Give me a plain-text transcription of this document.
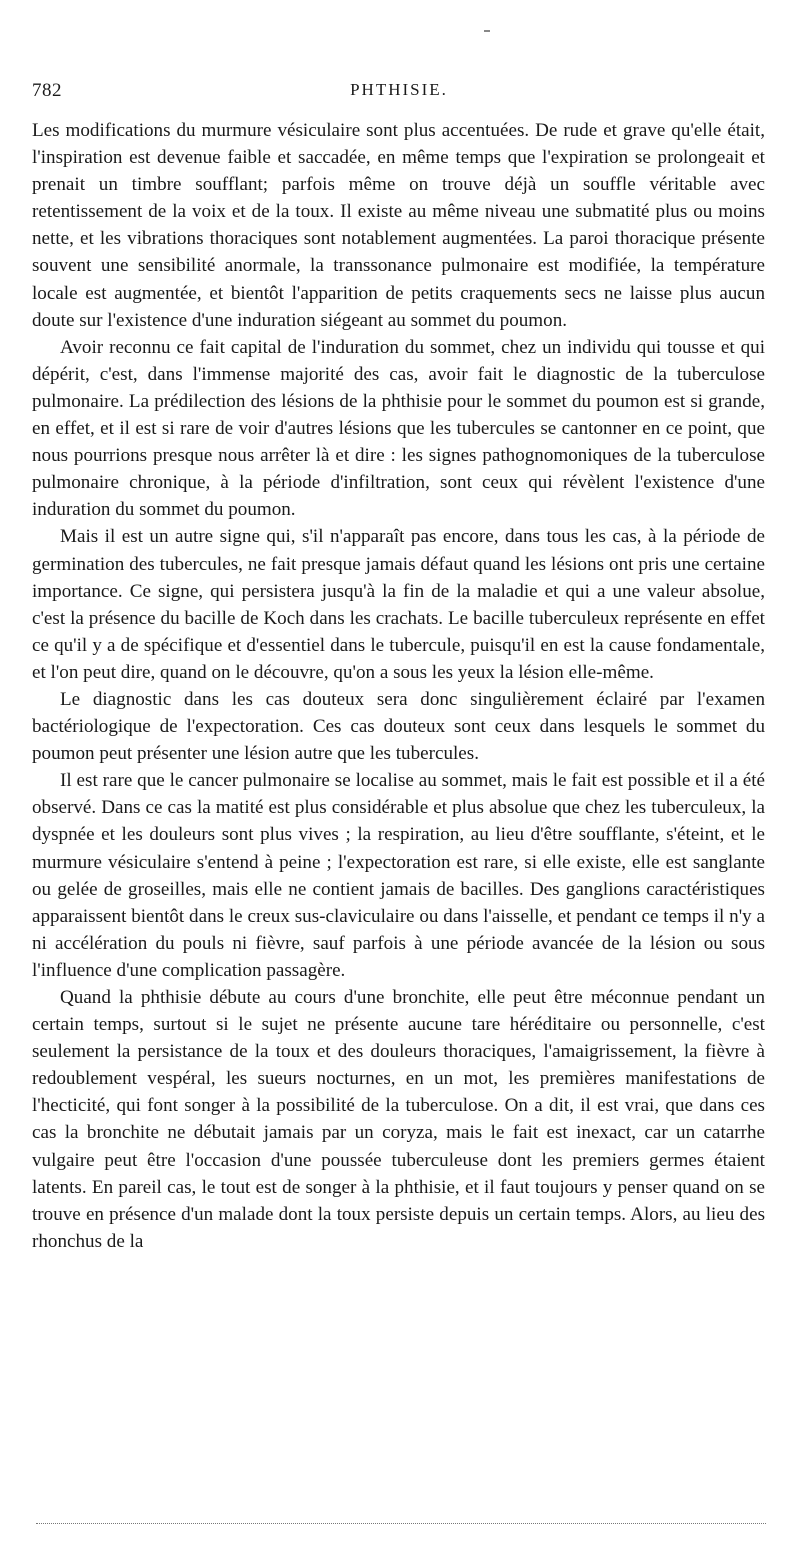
782	PHTHISIE.

Les modifications du murmure vésiculaire sont plus accentuées. De rude et grave qu'elle était, l'inspiration est devenue faible et saccadée, en même temps que l'expiration se prolongeait et prenait un timbre soufflant; parfois même on trouve déjà un souffle véritable avec retentissement de la voix et de la toux. Il existe au même niveau une submatité plus ou moins nette, et les vibrations thoraciques sont notablement augmentées. La paroi thoracique présente souvent une sensibilité anormale, la transsonance pulmonaire est modifiée, la température locale est augmentée, et bientôt l'apparition de petits craquements secs ne laisse plus aucun doute sur l'existence d'une induration siégeant au sommet du poumon.

Avoir reconnu ce fait capital de l'induration du sommet, chez un individu qui tousse et qui dépérit, c'est, dans l'immense majorité des cas, avoir fait le diagnostic de la tuberculose pulmonaire. La prédilection des lésions de la phthisie pour le sommet du poumon est si grande, en effet, et il est si rare de voir d'autres lésions que les tubercules se cantonner en ce point, que nous pourrions presque nous arrêter là et dire : les signes pathognomoniques de la tuberculose pulmonaire chronique, à la période d'infiltration, sont ceux qui révèlent l'existence d'une induration du sommet du poumon.

Mais il est un autre signe qui, s'il n'apparaît pas encore, dans tous les cas, à la période de germination des tubercules, ne fait presque jamais défaut quand les lésions ont pris une certaine importance. Ce signe, qui persistera jusqu'à la fin de la maladie et qui a une valeur absolue, c'est la présence du bacille de Koch dans les crachats. Le bacille tuberculeux représente en effet ce qu'il y a de spécifique et d'essentiel dans le tubercule, puisqu'il en est la cause fondamentale, et l'on peut dire, quand on le découvre, qu'on a sous les yeux la lésion elle-même.

Le diagnostic dans les cas douteux sera donc singulièrement éclairé par l'examen bactériologique de l'expectoration. Ces cas douteux sont ceux dans lesquels le sommet du poumon peut présenter une lésion autre que les tubercules.

Il est rare que le cancer pulmonaire se localise au sommet, mais le fait est possible et il a été observé. Dans ce cas la matité est plus considérable et plus absolue que chez les tuberculeux, la dyspnée et les douleurs sont plus vives ; la respiration, au lieu d'être soufflante, s'éteint, et le murmure vésiculaire s'entend à peine ; l'expectoration est rare, si elle existe, elle est sanglante ou gelée de groseilles, mais elle ne contient jamais de bacilles. Des ganglions caractéristiques apparaissent bientôt dans le creux sus-claviculaire ou dans l'aisselle, et pendant ce temps il n'y a ni accélération du pouls ni fièvre, sauf parfois à une période avancée de la lésion ou sous l'influence d'une complication passagère.

Quand la phthisie débute au cours d'une bronchite, elle peut être méconnue pendant un certain temps, surtout si le sujet ne présente aucune tare héréditaire ou personnelle, c'est seulement la persistance de la toux et des douleurs thoraciques, l'amaigrissement, la fièvre à redoublement vespéral, les sueurs nocturnes, en un mot, les premières manifestations de l'hecticité, qui font songer à la possibilité de la tuberculose. On a dit, il est vrai, que dans ces cas la bronchite ne débutait jamais par un coryza, mais le fait est inexact, car un catarrhe vulgaire peut être l'occasion d'une poussée tuberculeuse dont les premiers germes étaient latents. En pareil cas, le tout est de songer à la phthisie, et il faut toujours y penser quand on se trouve en présence d'un malade dont la toux persiste depuis un certain temps. Alors, au lieu des rhonchus de la
